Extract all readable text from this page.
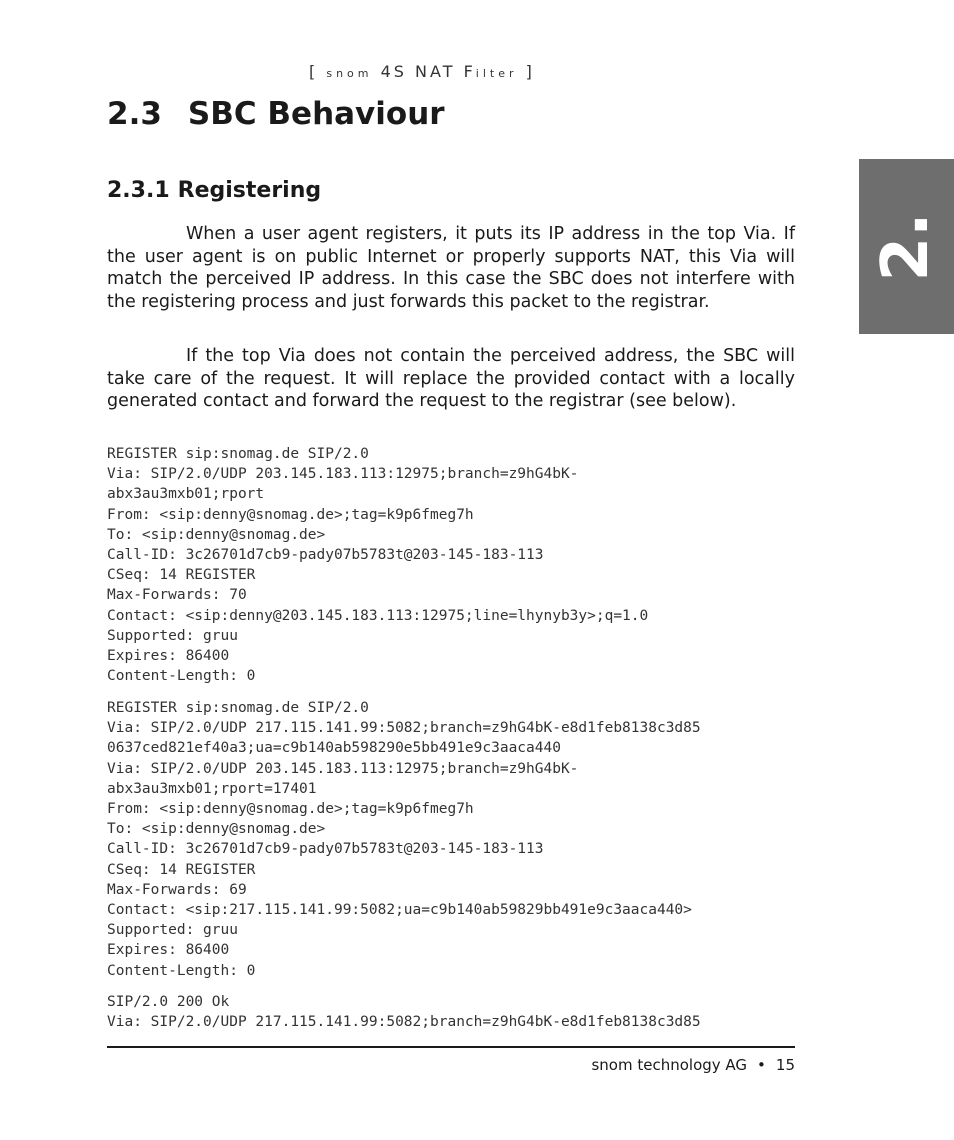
[ snom 4S NAT Filter ]
2.
2.3 SBC Behaviour
2.3.1 Registering

When a user agent registers, it puts its IP address in the top Via. If the user agent is on public Internet or properly supports NAT, this Via will match the perceived IP address. In this case the SBC does not interfere with the registering process and just forwards this packet to the registrar.

If the top Via does not contain the perceived address, the SBC will take care of the request. It will replace the provided contact with a locally generated contact and forward the request to the registrar (see below).

REGISTER sip:snomag.de SIP/2.0
Via: SIP/2.0/UDP 203.145.183.113:12975;branch=z9hG4bK-
abx3au3mxb01;rport
From: <sip:denny@snomag.de>;tag=k9p6fmeg7h
To: <sip:denny@snomag.de>
Call-ID: 3c26701d7cb9-pady07b5783t@203-145-183-113
CSeq: 14 REGISTER
Max-Forwards: 70
Contact: <sip:denny@203.145.183.113:12975;line=lhynyb3y>;q=1.0
Supported: gruu
Expires: 86400
Content-Length: 0
REGISTER sip:snomag.de SIP/2.0
Via: SIP/2.0/UDP 217.115.141.99:5082;branch=z9hG4bK-e8d1feb8138c3d85
0637ced821ef40a3;ua=c9b140ab598290e5bb491e9c3aaca440
Via: SIP/2.0/UDP 203.145.183.113:12975;branch=z9hG4bK-
abx3au3mxb01;rport=17401
From: <sip:denny@snomag.de>;tag=k9p6fmeg7h
To: <sip:denny@snomag.de>
Call-ID: 3c26701d7cb9-pady07b5783t@203-145-183-113
CSeq: 14 REGISTER
Max-Forwards: 69
Contact: <sip:217.115.141.99:5082;ua=c9b140ab59829bb491e9c3aaca440>
Supported: gruu
Expires: 86400
Content-Length: 0
SIP/2.0 200 Ok
Via: SIP/2.0/UDP 217.115.141.99:5082;branch=z9hG4bK-e8d1feb8138c3d85
snom technology AG • 15
